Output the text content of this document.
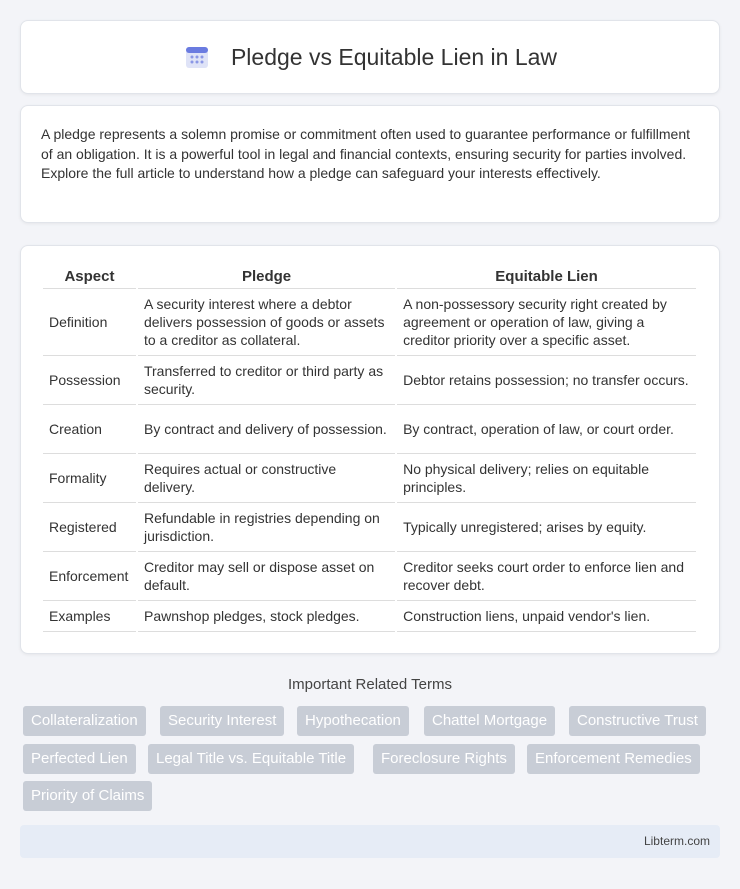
Pledge vs Equitable Lien in Law

A pledge represents a solemn promise or commitment often used to guarantee performance or fulfillment of an obligation. It is a powerful tool in legal and financial contexts, ensuring security for parties involved. Explore the full article to understand how a pledge can safeguard your interests effectively.

Aspect	Pledge	Equitable Lien
Definition	A security interest where a debtor delivers possession of goods or assets to a creditor as collateral.	A non-possessory security right created by agreement or operation of law, giving a creditor priority over a specific asset.
Possession	Transferred to creditor or third party as security.	Debtor retains possession; no transfer occurs.
Creation	By contract and delivery of possession.	By contract, operation of law, or court order.
Formality	Requires actual or constructive delivery.	No physical delivery; relies on equitable principles.
Registered	Refundable in registries depending on jurisdiction.	Typically unregistered; arises by equity.
Enforcement	Creditor may sell or dispose asset on default.	Creditor seeks court order to enforce lien and recover debt.
Examples	Pawnshop pledges, stock pledges.	Construction liens, unpaid vendor's lien.
Important Related Terms
Collateralization	Security Interest	Hypothecation	Chattel Mortgage	Constructive Trust
Perfected Lien	Legal Title vs. Equitable Title	Foreclosure Rights	Enforcement Remedies
Priority of Claims
Libterm.com
